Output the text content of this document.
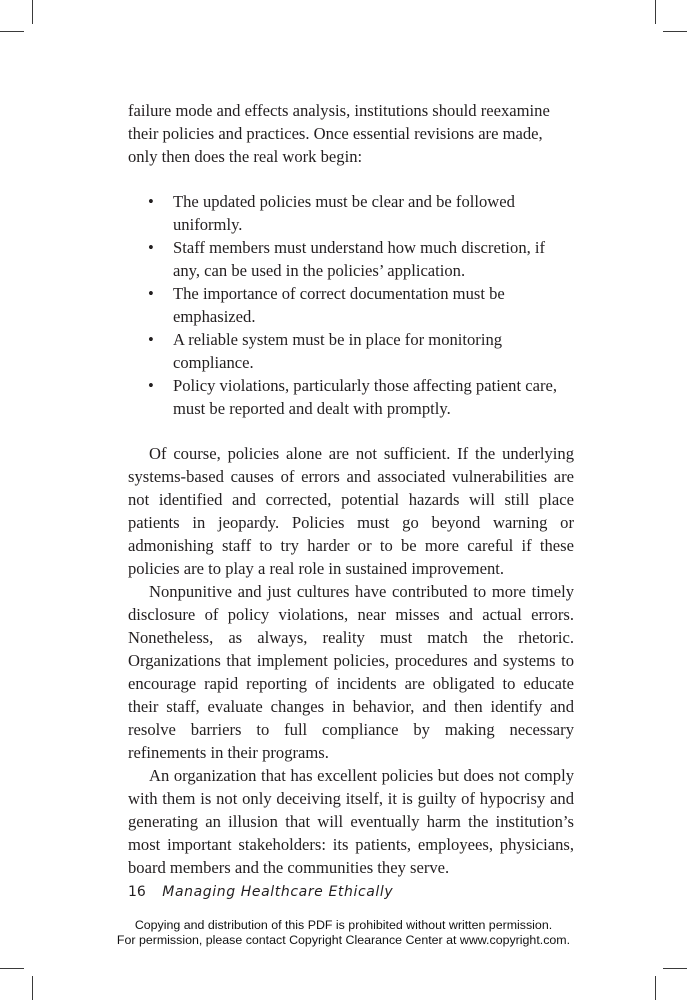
failure mode and effects analysis, institutions should reexamine their policies and practices. Once essential revisions are made, only then does the real work begin:

• The updated policies must be clear and be followed uniformly.
• Staff members must understand how much discretion, if any, can be used in the policies’ application.
• The importance of correct documentation must be emphasized.
• A reliable system must be in place for monitoring compliance.
• Policy violations, particularly those affecting patient care, must be reported and dealt with promptly.

Of course, policies alone are not sufficient. If the underlying systems-based causes of errors and associated vulnerabilities are not identified and corrected, potential hazards will still place patients in jeopardy. Policies must go beyond warning or admonishing staff to try harder or to be more careful if these policies are to play a real role in sustained improvement.

Nonpunitive and just cultures have contributed to more timely disclosure of policy violations, near misses and actual errors. Nonetheless, as always, reality must match the rhetoric. Organizations that implement policies, procedures and systems to encourage rapid reporting of incidents are obligated to educate their staff, evaluate changes in behavior, and then identify and resolve barriers to full compliance by making necessary refinements in their programs.

An organization that has excellent policies but does not comply with them is not only deceiving itself, it is guilty of hypocrisy and generating an illusion that will eventually harm the institution’s most important stakeholders: its patients, employees, physicians, board members and the communities they serve.

16 Managing Healthcare Ethically
Copying and distribution of this PDF is prohibited without written permission.
For permission, please contact Copyright Clearance Center at www.copyright.com.
